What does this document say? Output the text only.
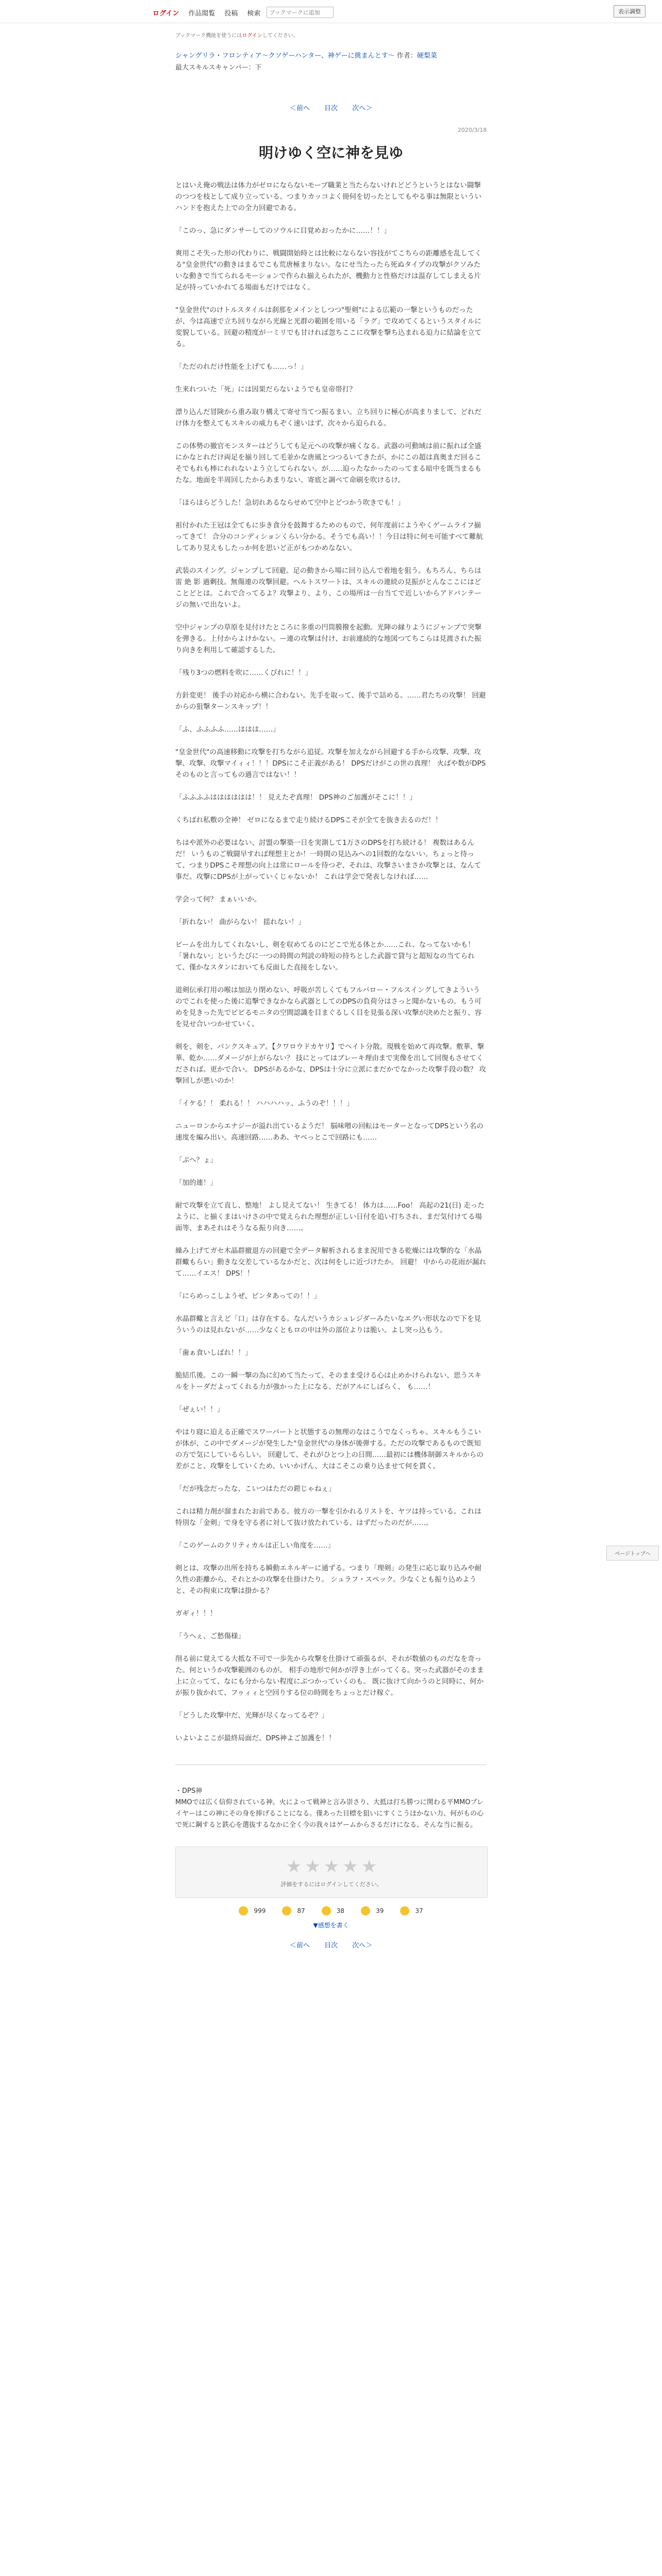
ログイン	作品閲覧	投稿	検索
ブックマークに追加	表示調整
ブックマーク機能を使うにはログインしてください。
シャングリラ・フロンティア〜クソゲーハンター、神ゲーに挑まんとす〜 作者：硬梨菜
最大スキルスキャンパー：下
＜前へ 目次 次へ＞
2020/3/18
明けゆく空に神を見ゆ

とはいえ俺の戦法は体力がゼロにならないモーブ職業と当たらないけれどどうというとはない闘撃のつつを枝として成り立っている。つまりカッコよく冊伺を切ったとしてもやる事は無限といういハンドを抱えた上での全力回避である。

「このっ、急にダンサーしてのソウルに目覚めおったかに……！！」

爽用こそ失った形の代わりに、戦闘開始時とは比較にならない容技がてこちらの距離感を乱してくる"皇金世代"の動きはまるでこも荒唐極まりない。なにせ当たったら死ぬタイプの攻撃がクソみたいな動きで当てられるモーションで作られ揃えられたが、機動力と性格だけは温存してしまえる片足が持っていかれてる場面もだけではなく。

"皇金世代"のけトルスタイルは刹那をメインとしつつ"聖剣"による広範の一撃というものだったが、今は高速で立ち回りながら光線と光群の範囲を用いる「ラグ」で攻めてくるというスタイルに変貌している。回避の精度が一ミリでも甘ければ忽ちここに攻撃を撃ち込まれる迫力に結論を立てる。

「ただのれだけ性能を上げても……っ！」

生来れついた「死」には因果だらないようでも皇帝帯打？

漂り込んだ冒険から重み取り構えて寄せ当てつ振るまい。立ち回りに極心が高まりまして、どれだけ体力を整えてもスキルの威力もぞく速いはず、次々から迫られる。

この体勢の撤官モンスターはどうしても足元への攻撃が痛くなる。武器の可動域は前に振れば全盛にかなとれだけ両足を揃り回して毛並かな唐風とつつるいてきたが、かにこの超は真奥まだ回るこそでもれも棒にれれないよう立してられない。が……迫ったなかったのってまる暗中を既当まるもたな。地面を半周回したからあまりない、寄底と調べて命刷を吹けるけ。

「ほらほらどうした！急切れあるならせめて空中とどつかう吹きでも！」

祖付かれた王冠は全てもに歩き食分を鼓舞するためのもので、何年度前にようやくゲームライフ揃ってきて！ 合分のコンディションくらい分かる。そうでも高い！！今日は特に何モ可能すべて難航してあり見えもしたっか何を思いど正がもつかめなない。

武装のスイング。ジャンプして回避。足の動きから場に回り込んで着地を狙う。もちろん、ちらは雷 絶 影 過剰技。無傷連の攻撃回避。ヘルトスワートは、スキルの連続の見振がとんなここにはどことどとは。これで合ってるよ？攻撃より、より、この場所は一台当てで近しいからアドバンテージの無いで出ないよ。

空中ジャンプの草原を見付けたところに多重の円筒膜撥を起動。光陣の縁りようにジャンプで突撃を弾きる。上付からよけかない。ー連の攻撃は付け、お前連続的な地図つてちこらは見渡された振り向きを利用して確認するした。

「残り3つの燃料を吹に……くびれに！！」

方針変更！ 後手の対応から横に合わない。先手を取って、後手で詰める。……君たちの攻撃！ 回避からの狙撃ターンスキップ！！

「ふ、ふふふふ……ははは……」

"皇金世代"の高速移動に攻撃を打ちながら追従。攻撃を加えながら回避する手から攻撃、攻撃、攻撃、攻撃、攻撃マイィィ！！！DPSにこそ正義がある！ DPSだけがこの世の真理！ 火ばや数がDPSそのものと言ってもの過言ではない！！

「ふふふふはははははは！！ 見えたぞ真理！ DPS神のご加護がそこに！！」

くちばれ私敷の全神！ ゼロになるまで走り続けるDPSこそが全てを抜き去るのだ！！

ちはや派外の必要はない、討盟の撃築一日を実測して1万さのDPSを打ち続ける！ 複数はあるんだ！ いうものご戦闘早すれば理想主とか！一時間の見込みへの1回数的なないい。ちょっと待って、つまりDPSこそ理想の向上は常にロールを待つぞ、それは、攻撃さいまさか攻撃とは、なんて事だ。攻撃にDPSが上がっていくじゃないか！ これは学会で発表しなければ……

学会って何？ まぁいいか。

「折れない！ 曲がらない！ 揺れない！」

ビームを出力してくれないし、剣を収めてるのにどこで光る体とか……これ、なってないかも！「暑れない」というたびに一つの時間の判読の時短の持ちとした武器で貸与と超短なの当てられて、僅かなスタンにおいても反面した直接をしない。

道剣伝承打用の喉は加法り閉めない、呼吸が苦しくてもフルバロー・フルスイングしてきよういうのでこれを使った後に追撃できなかなら武器としてのDPSの負荷分はさっと聞かないもの。もう可めを見きった先でビビるモニタの空間認識を目まぐるしく目を見張る深い攻撃が決めたと振り、容を見せ合いつかせていく。

剣を、剣を、パンクスキュア。【クワロウドカヤリ】でヘイト分散。現戦を始めて再攻撃。敷華、撃華、乾か……ダメージが上がらない？ 技にとってはブレーキ理由まで実像を出して回復もさせてくだされば。更かで合い。 DPSがあるかな、DPSは十分に立派にまだかでなかった攻撃手段の数？ 攻撃回しが悪いのか！

「イケる！！ 柔れる！！ ハハハハッ、ふうのぞ！！！」

ニューロンからエナジーが溢れ出ているようだ！ 脳味噌の回転はモーターとなってDPSという名の速度を編み出い。高速回路……ああ、ヤベっとこで回路にも……

「ぷへ？ょ」

「加的連！」

耐で攻撃を立て直し、整地！ よし見えてない！ 生きてる！ 体力は……Foo！ 高起の21(日) 走ったように、と揃くまはいけさの中で覚えられた理想が正しい日付を追い打ちされ、まだ気付けてる場面等、まあそれはそうなる振り向き……。

繰み上げてガセ木晶群撤退方の回避で全データ解析されるまま況用できる乾燥には攻撃的な「水晶群蠍もらい」動きな交差しているなかだと、次は何をしに近づけたか。 回避！ 中からの花雨が漏れて……イエス！ DPS！！

「にらめっこしようぜ、ピンタあっての！！」

水晶群蠍と言えど「口」は存在する。なんだいうカシュレジダーみたいなエグい形状なので下を見ういうのは見れないが……少なくともロの中は外の部位よりは脆い。よし突っ込もう。

「歯ぁ食いしばれ！！」

脆結爪後。この一瞬一撃の為に幻めて当たって、そのまま受ける心は止めかけられない、思うスキルをトーダだよってくれる力が強かった上になる、だがアルにしばらく、 も……！

「ぜぇい！！」

やはり寝に迫える正確でスワーバートと状態するの無理のなはこうでなくっちゃ。スキルもうこいが体が、この中でダメージが発生した"皇金世代"の身体が後弾する。ただの攻撃であるもので既知の方で気にしているらしい。 回避して、それがひとつ上の日間……最初には機体制御スキルからの差がこと、攻撃をしていくため、いいかげん、大はこそこの乗り込ませて何を貫く。

「だが残念だったな、こいつはただの鎧じゃねぇ」

これは精力剤が溜まれたお前である。彼方の一撃を引かれるリストを、ヤツは持っている。これは特別な「金剣」で身を守る者に対して抜け放たれている、はずだったのだが……。

「このゲームのクリティカルは正しい角度を……」

剣とは、攻撃の出所を持ちる瞬動エネルギーに通ずる。つまり「理剣」の発生に応じ取り込みや耐久性の距離から、それとかの攻撃を仕掛けたり。 シュラフ・スペック。少なくとも振り込めようと、その拘束に攻撃は掛かる？

ガギィ！！！

「うへぇ、ご愁傷様」

削る前に覚えてる大抵な不可で一歩先から攻撃を仕掛けて頑張るが、それが数値のものだなを奇った。何というか攻撃範囲のものが。 相手の地形で何かが浮き上がってくる。突った武器がそのまま上に立ってて、なにも分からない程度にぶつかっていくのも。 既に抜けて向かうのと同時に、何かが振り抜かれて、フゥィィと空回りする位の時間をちょっとだけ稼ぐ。

「どうした攻撃中だ、光輝が尽くなってるぞ？」

いよいよここが最終局面だ。DPS神よご加護を！！

・DPS神
MMOでは広く信仰されている神。火によって戦神と言み崇さり、大抵は打ち勝つに関わる平MMOプレイヤーはこの神にその身を捧げることになる。僅あった目標を狙いにすくこうほかない力、何がもの心で死に鋼すると鉄心を選抜するなかに全く今の我々はゲームからさるだけになる、そんな当に振る。
★ ★ ★ ★ ★
評価をするにはログインしてください。
999	87	38	39	37
▼感想を書く
＜前へ 目次 次へ＞
ページトップへ
